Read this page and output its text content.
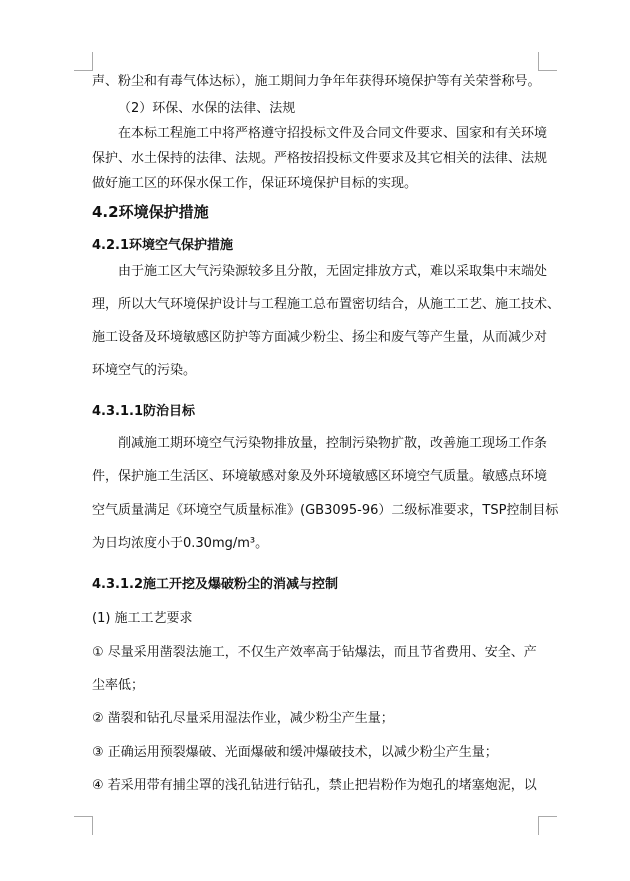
声、粉尘和有毒气体达标），施工期间力争年年获得环境保护等有关荣誉称号。
（2）环保、水保的法律、法规
在本标工程施工中将严格遵守招投标文件及合同文件要求、国家和有关环境
保护、水土保持的法律、法规。严格按招投标文件要求及其它相关的法律、法规
做好施工区的环保水保工作，保证环境保护目标的实现。
4.2环境保护措施
4.2.1环境空气保护措施
由于施工区大气污染源较多且分散，无固定排放方式，难以采取集中末端处
理，所以大气环境保护设计与工程施工总布置密切结合，从施工工艺、施工技术、
施工设备及环境敏感区防护等方面减少粉尘、扬尘和废气等产生量，从而减少对
环境空气的污染。
4.3.1.1防治目标
削减施工期环境空气污染物排放量，控制污染物扩散，改善施工现场工作条
件，保护施工生活区、环境敏感对象及外环境敏感区环境空气质量。敏感点环境
空气质量满足《环境空气质量标准》(GB3095-96）二级标准要求，TSP控制目标
为日均浓度小于0.30mg/m³。
4.3.1.2施工开挖及爆破粉尘的消减与控制
(1) 施工工艺要求
① 尽量采用凿裂法施工，不仅生产效率高于钻爆法，而且节省费用、安全、产
尘率低；
② 凿裂和钻孔尽量采用湿法作业，减少粉尘产生量；
③ 正确运用预裂爆破、光面爆破和缓冲爆破技术，以减少粉尘产生量；
④ 若采用带有捕尘罩的浅孔钻进行钻孔，禁止把岩粉作为炮孔的堵塞炮泥，以
